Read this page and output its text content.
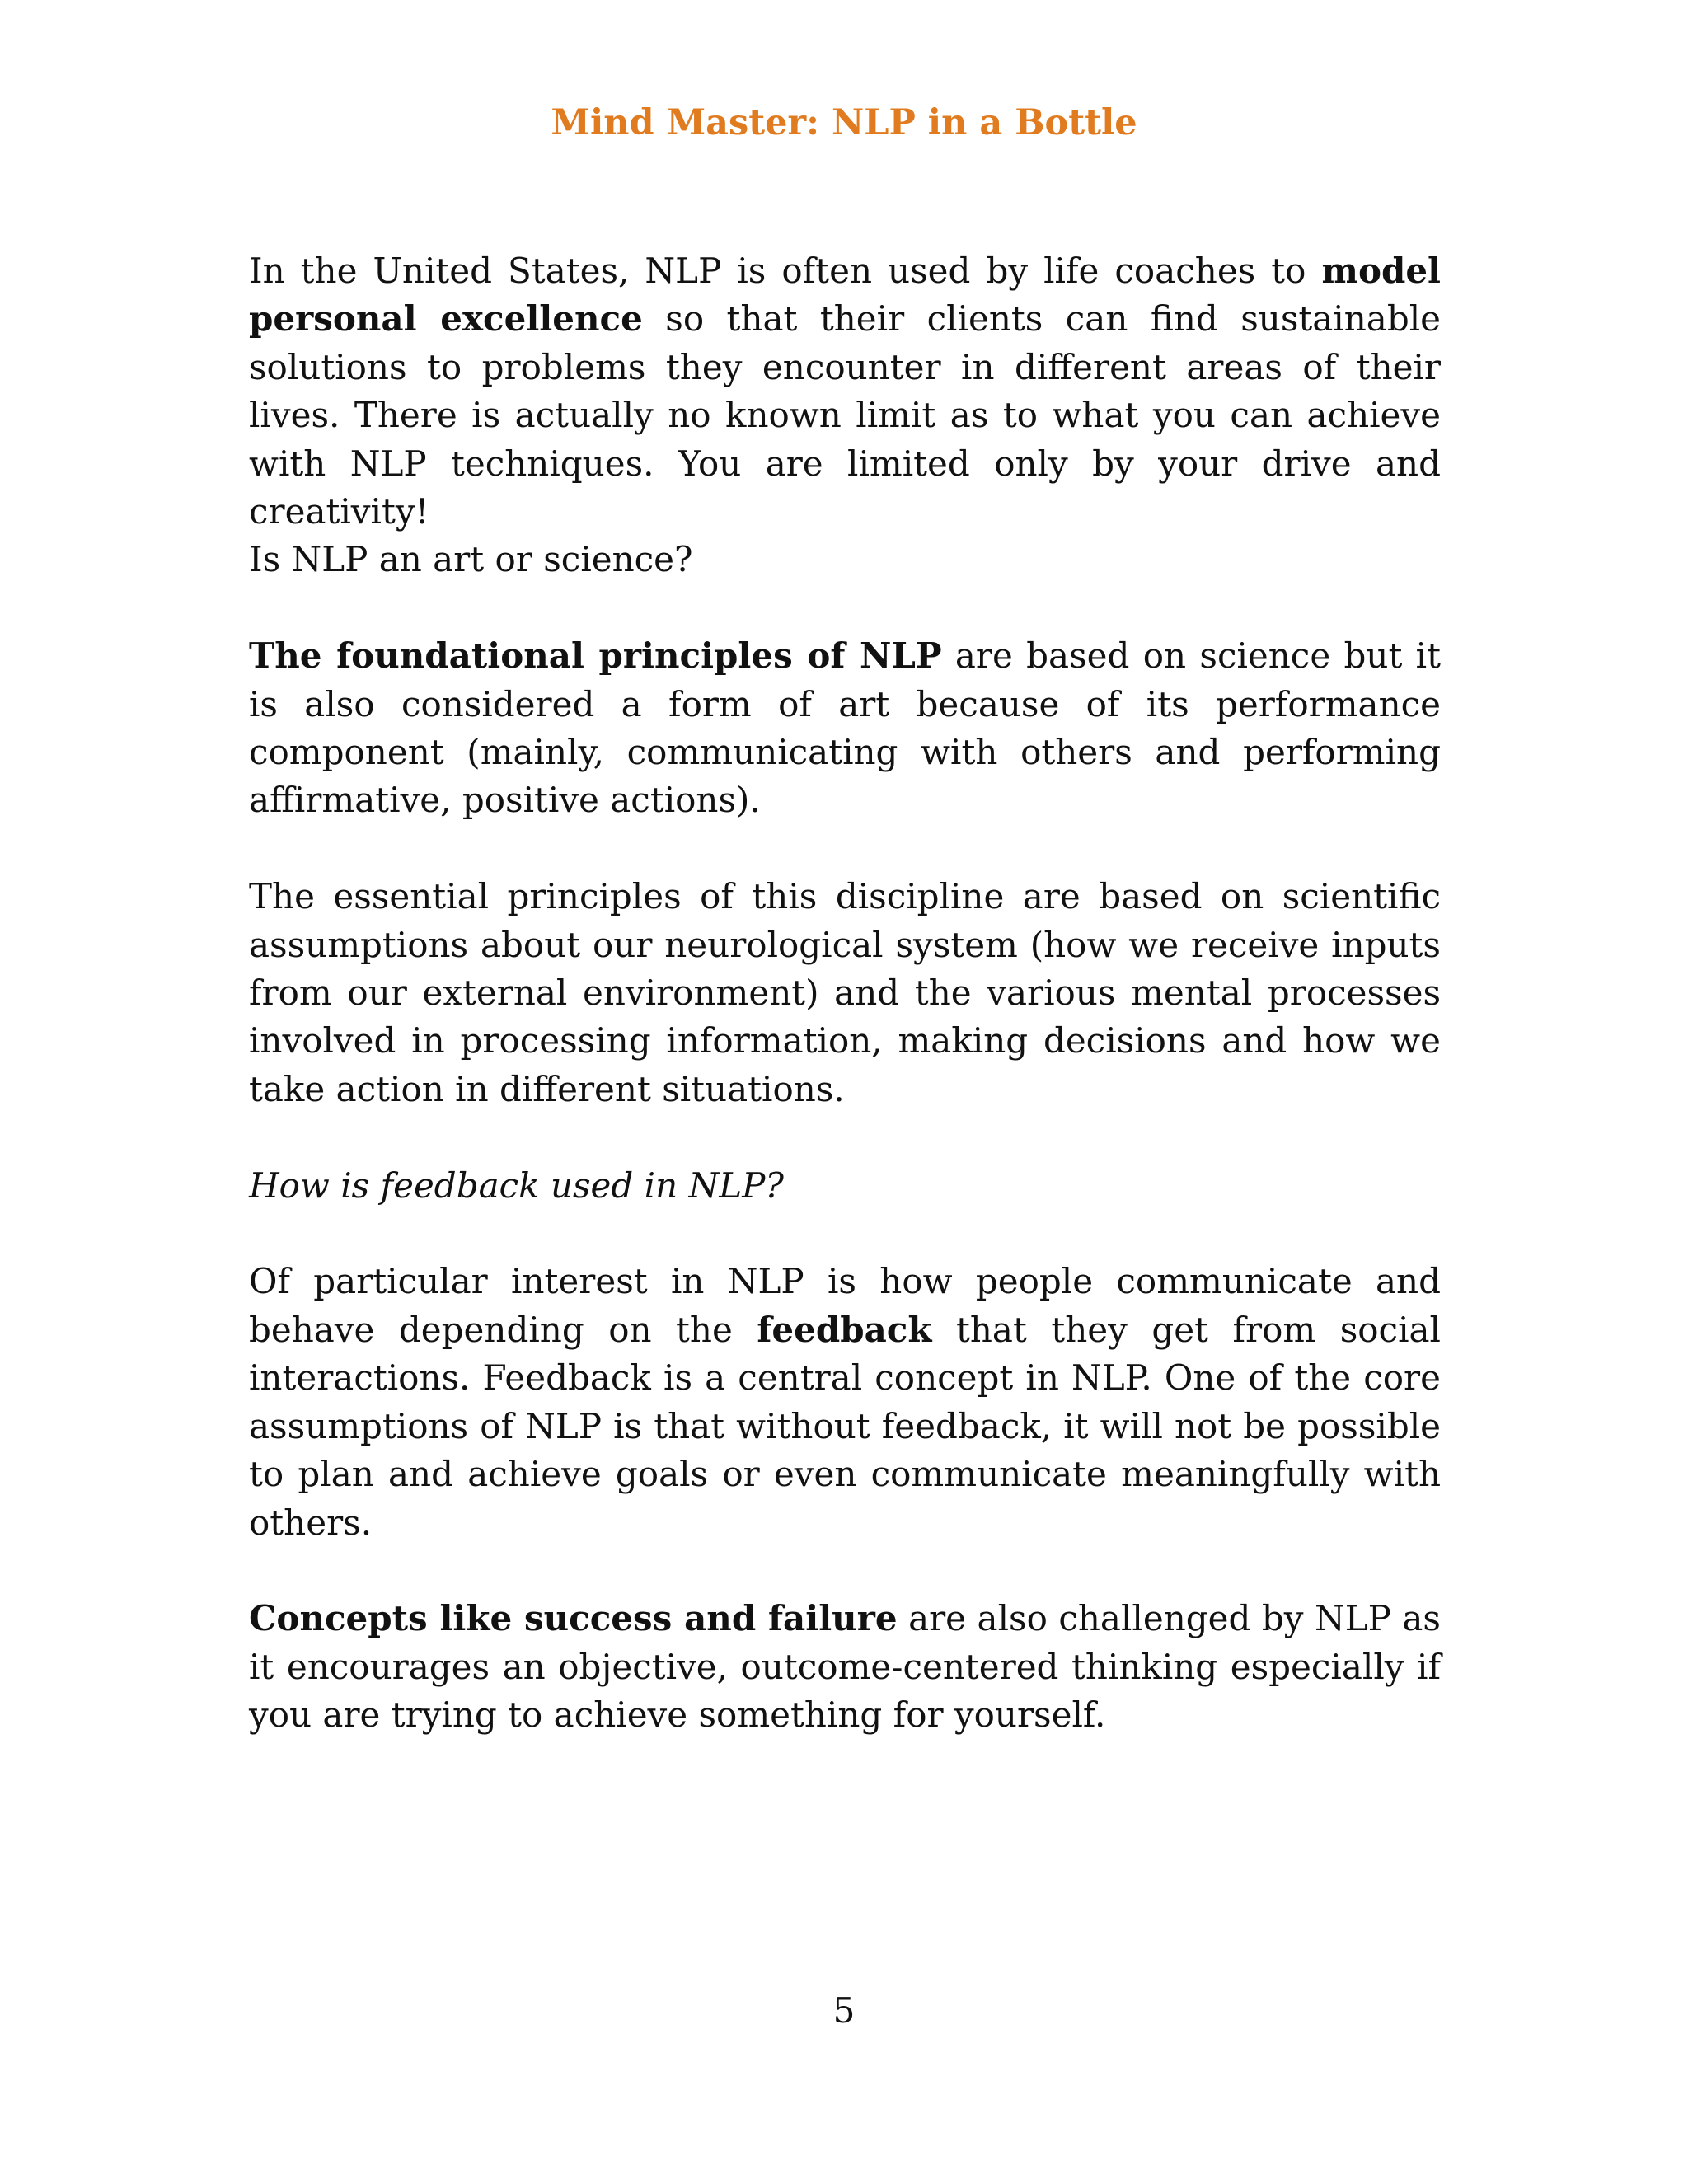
Mind Master: NLP in a Bottle

In the United States, NLP is often used by life coaches to model personal excellence so that their clients can find sustainable solutions to problems they encounter in different areas of their lives. There is actually no known limit as to what you can achieve with NLP techniques. You are limited only by your drive and creativity!

Is NLP an art or science?

The foundational principles of NLP are based on science but it is also considered a form of art because of its performance component (mainly, communicating with others and performing affirmative, positive actions).

The essential principles of this discipline are based on scientific assumptions about our neurological system (how we receive inputs from our external environment) and the various mental processes involved in processing information, making decisions and how we take action in different situations.

How is feedback used in NLP?

Of particular interest in NLP is how people communicate and behave depending on the feedback that they get from social interactions. Feedback is a central concept in NLP. One of the core assumptions of NLP is that without feedback, it will not be possible to plan and achieve goals or even communicate meaningfully with others.

Concepts like success and failure are also challenged by NLP as it encourages an objective, outcome-centered thinking especially if you are trying to achieve something for yourself.

5
